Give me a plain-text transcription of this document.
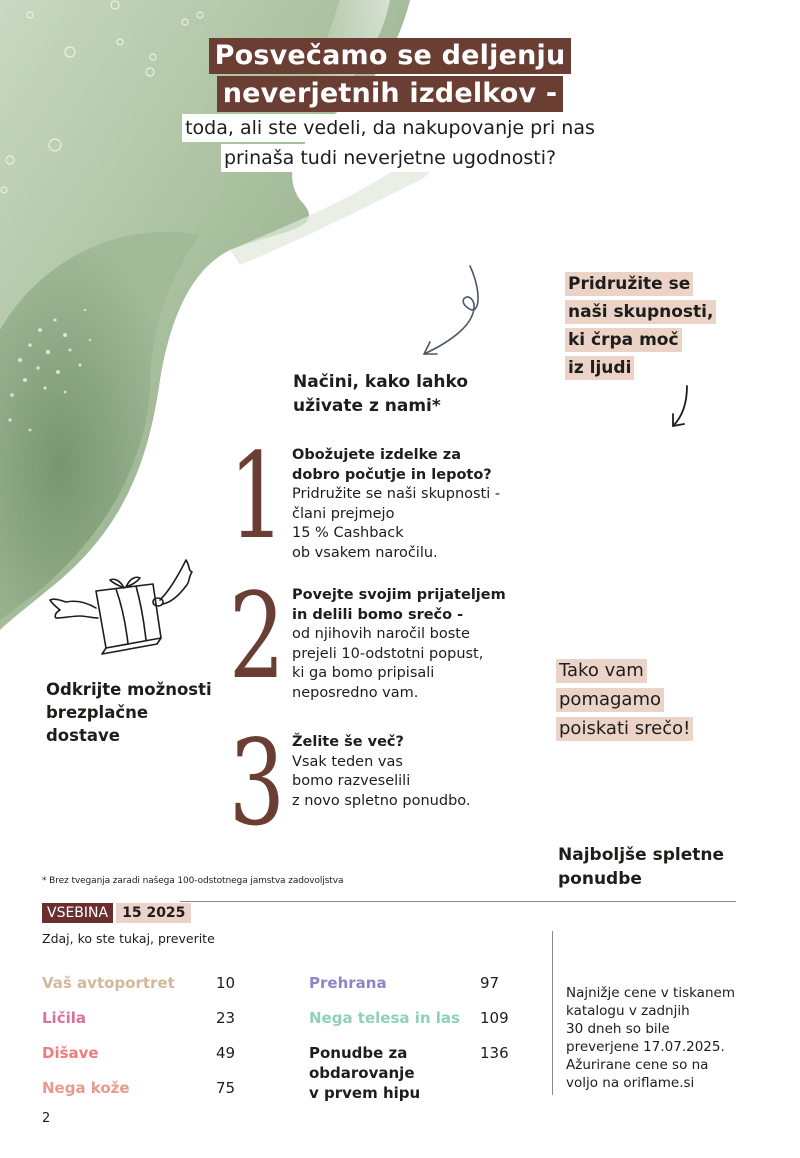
Posvečamo se deljenju
neverjetnih izdelkov -
toda, ali ste vedeli, da nakupovanje pri nas
prinaša tudi neverjetne ugodnosti?
Pridružite se
naši skupnosti,
ki črpa moč
iz ljudi
Načini, kako lahko
uživate z nami*
1 Obožujete izdelke za
dobro počutje in lepoto?
Pridružite se naši skupnosti -
člani prejmejo
15 % Cashback
ob vsakem naročilu.
2 Povejte svojim prijateljem
in delili bomo srečo -
od njihovih naročil boste
prejeli 10-odstotni popust,
ki ga bomo pripisali
neposredno vam.
3 Želite še več?
Vsak teden vas
bomo razveselili
z novo spletno ponudbo.
Odkrijte možnosti
brezplačne
dostave
Tako vam
pomagamo
poiskati srečo!
Najboljše spletne
ponudbe
* Brez tveganja zaradi našega 100-odstotnega jamstva zadovoljstva
VSEBINA	15 2025
Zdaj, ko ste tukaj, preverite
Vaš avtoportret	10
Ličila	23
Dišave	49
Nega kože	75
Prehrana	97
Nega telesa in las	109
Ponudbe za
obdarovanje
v prvem hipu
136
Najnižje cene v tiskanem
katalogu v zadnjih
30 dneh so bile
preverjene 17.07.2025.
Ažurirane cene so na
voljo na oriflame.si
2
